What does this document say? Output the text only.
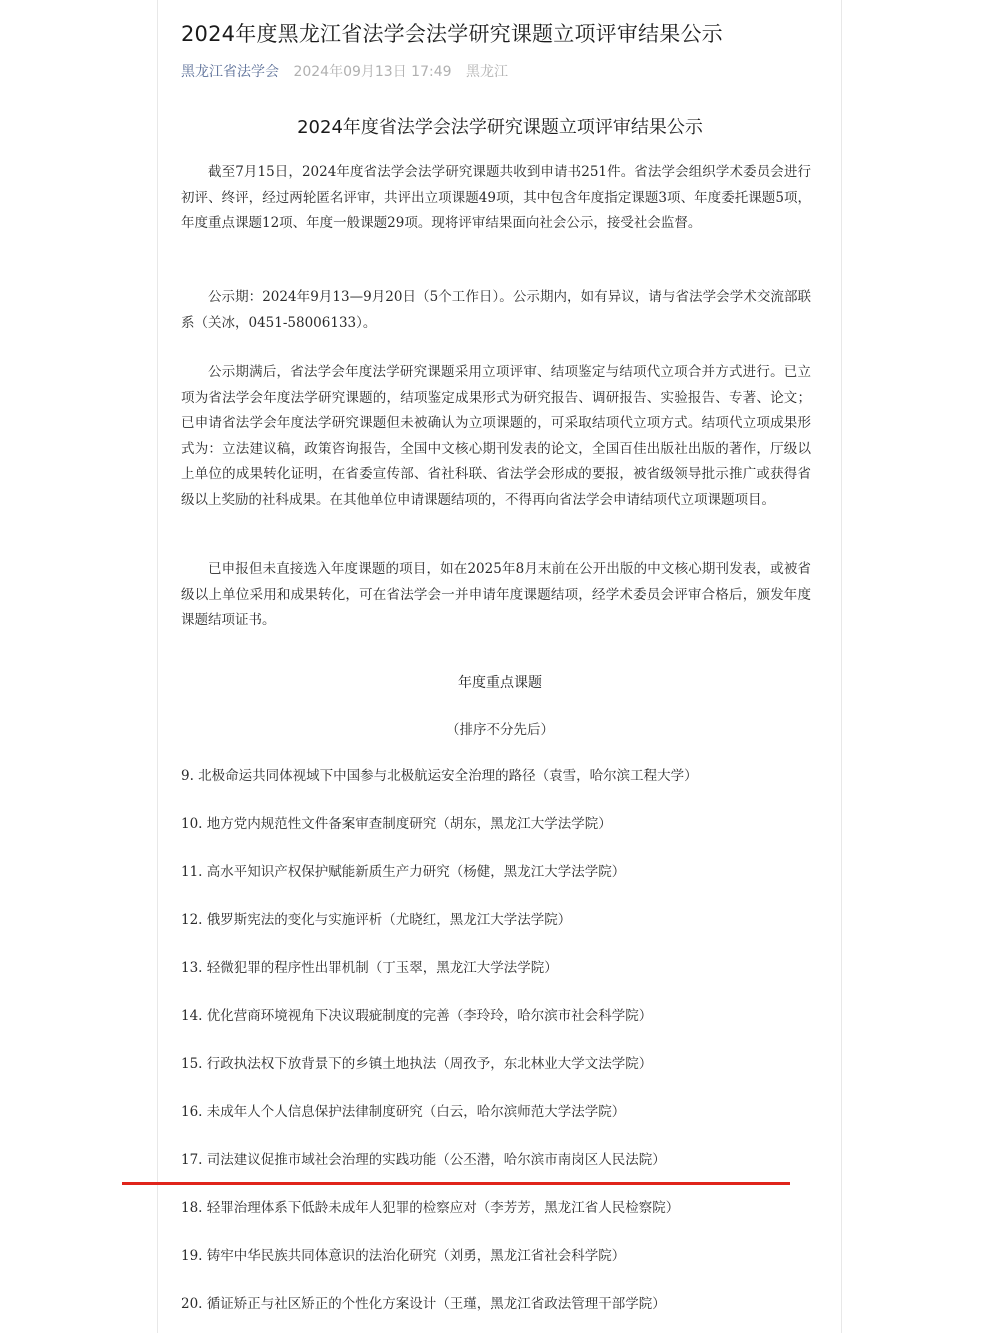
2024年度黑龙江省法学会法学研究课题立项评审结果公示
黑龙江省法学会 2024年09月13日 17:49 黑龙江
2024年度省法学会法学研究课题立项评审结果公示

截至7月15日，2024年度省法学会法学研究课题共收到申请书251件。省法学会组织学术委员会进行初评、终评，经过两轮匿名评审，共评出立项课题49项，其中包含年度指定课题3项、年度委托课题5项，年度重点课题12项、年度一般课题29项。现将评审结果面向社会公示，接受社会监督。

公示期：2024年9月13—9月20日（5个工作日）。公示期内，如有异议，请与省法学会学术交流部联系（关冰，0451-58006133）。

公示期满后，省法学会年度法学研究课题采用立项评审、结项鉴定与结项代立项合并方式进行。已立项为省法学会年度法学研究课题的，结项鉴定成果形式为研究报告、调研报告、实验报告、专著、论文；已申请省法学会年度法学研究课题但未被确认为立项课题的，可采取结项代立项方式。结项代立项成果形式为：立法建议稿，政策咨询报告，全国中文核心期刊发表的论文，全国百佳出版社出版的著作，厅级以上单位的成果转化证明，在省委宣传部、省社科联、省法学会形成的要报，被省级领导批示推广或获得省级以上奖励的社科成果。在其他单位申请课题结项的，不得再向省法学会申请结项代立项课题项目。

已申报但未直接选入年度课题的项目，如在2025年8月末前在公开出版的中文核心期刊发表，或被省级以上单位采用和成果转化，可在省法学会一并申请年度课题结项，经学术委员会评审合格后，颁发年度课题结项证书。

年度重点课题
（排序不分先后）
9. 北极命运共同体视域下中国参与北极航运安全治理的路径（袁雪，哈尔滨工程大学）
10. 地方党内规范性文件备案审查制度研究（胡东，黑龙江大学法学院）
11. 高水平知识产权保护赋能新质生产力研究（杨健，黑龙江大学法学院）
12. 俄罗斯宪法的变化与实施评析（尤晓红，黑龙江大学法学院）
13. 轻微犯罪的程序性出罪机制（丁玉翠，黑龙江大学法学院）
14. 优化营商环境视角下决议瑕疵制度的完善（李玲玲，哈尔滨市社会科学院）
15. 行政执法权下放背景下的乡镇土地执法（周孜予，东北林业大学文法学院）
16. 未成年人个人信息保护法律制度研究（白云，哈尔滨师范大学法学院）
17. 司法建议促推市域社会治理的实践功能（公丕潜，哈尔滨市南岗区人民法院）
18. 轻罪治理体系下低龄未成年人犯罪的检察应对（李芳芳，黑龙江省人民检察院）
19. 铸牢中华民族共同体意识的法治化研究（刘勇，黑龙江省社会科学院）
20. 循证矫正与社区矫正的个性化方案设计（王瑾，黑龙江省政法管理干部学院）
